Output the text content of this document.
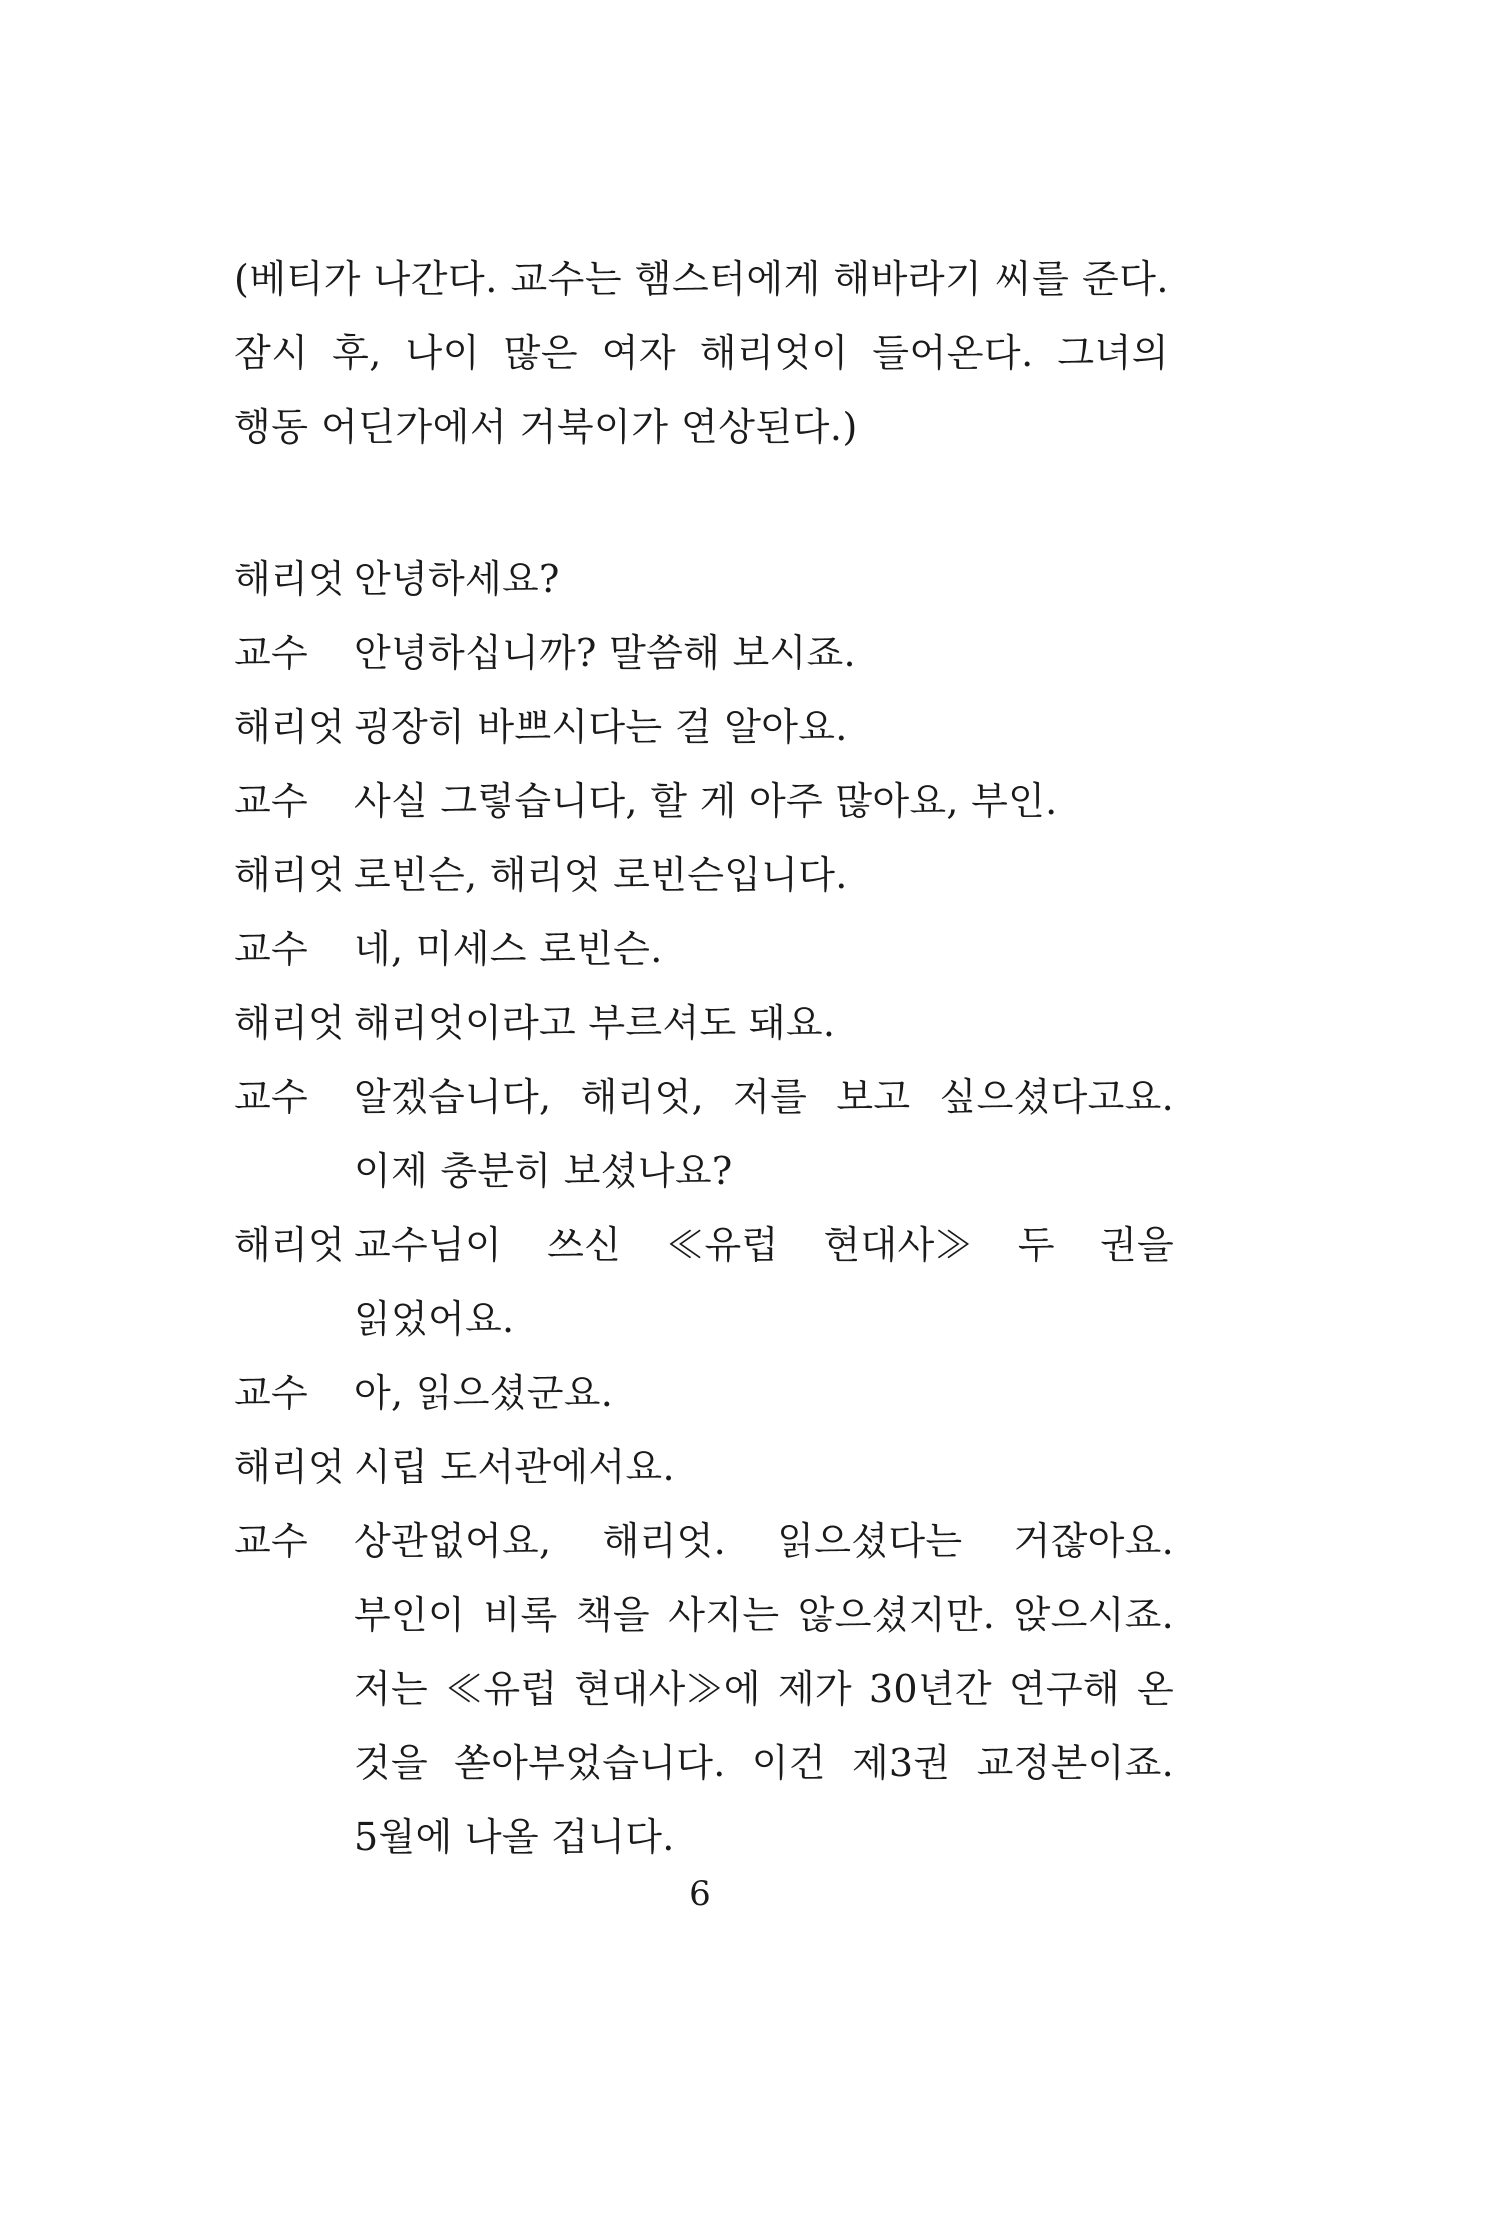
(베티가 나간다. 교수는 햄스터에게 해바라기 씨를 준다. 잠시 후, 나이 많은 여자 해리엇이 들어온다. 그녀의 행동 어딘가에서 거북이가 연상된다.)

해리엇 안녕하세요?
교수	안녕하십니까? 말씀해 보시죠.
해리엇 굉장히 바쁘시다는 걸 알아요.
교수	사실 그렇습니다, 할 게 아주 많아요, 부인.
해리엇 로빈슨, 해리엇 로빈슨입니다.
교수	네, 미세스 로빈슨.
해리엇 해리엇이라고 부르셔도 돼요.
교수	알겠습니다, 해리엇, 저를 보고 싶으셨다고요. 이제 충분히 보셨나요?
해리엇 교수님이 쓰신 ≪유럽 현대사≫ 두 권을 읽었어요.
교수	아, 읽으셨군요.
해리엇 시립 도서관에서요.
교수	상관없어요, 해리엇. 읽으셨다는 거잖아요. 부인이 비록 책을 사지는 않으셨지만. 앉으시죠. 저는 ≪유럽 현대사≫에 제가 30년간 연구해 온 것을 쏟아부었습니다. 이건 제3권 교정본이죠. 5월에 나올 겁니다.
6
